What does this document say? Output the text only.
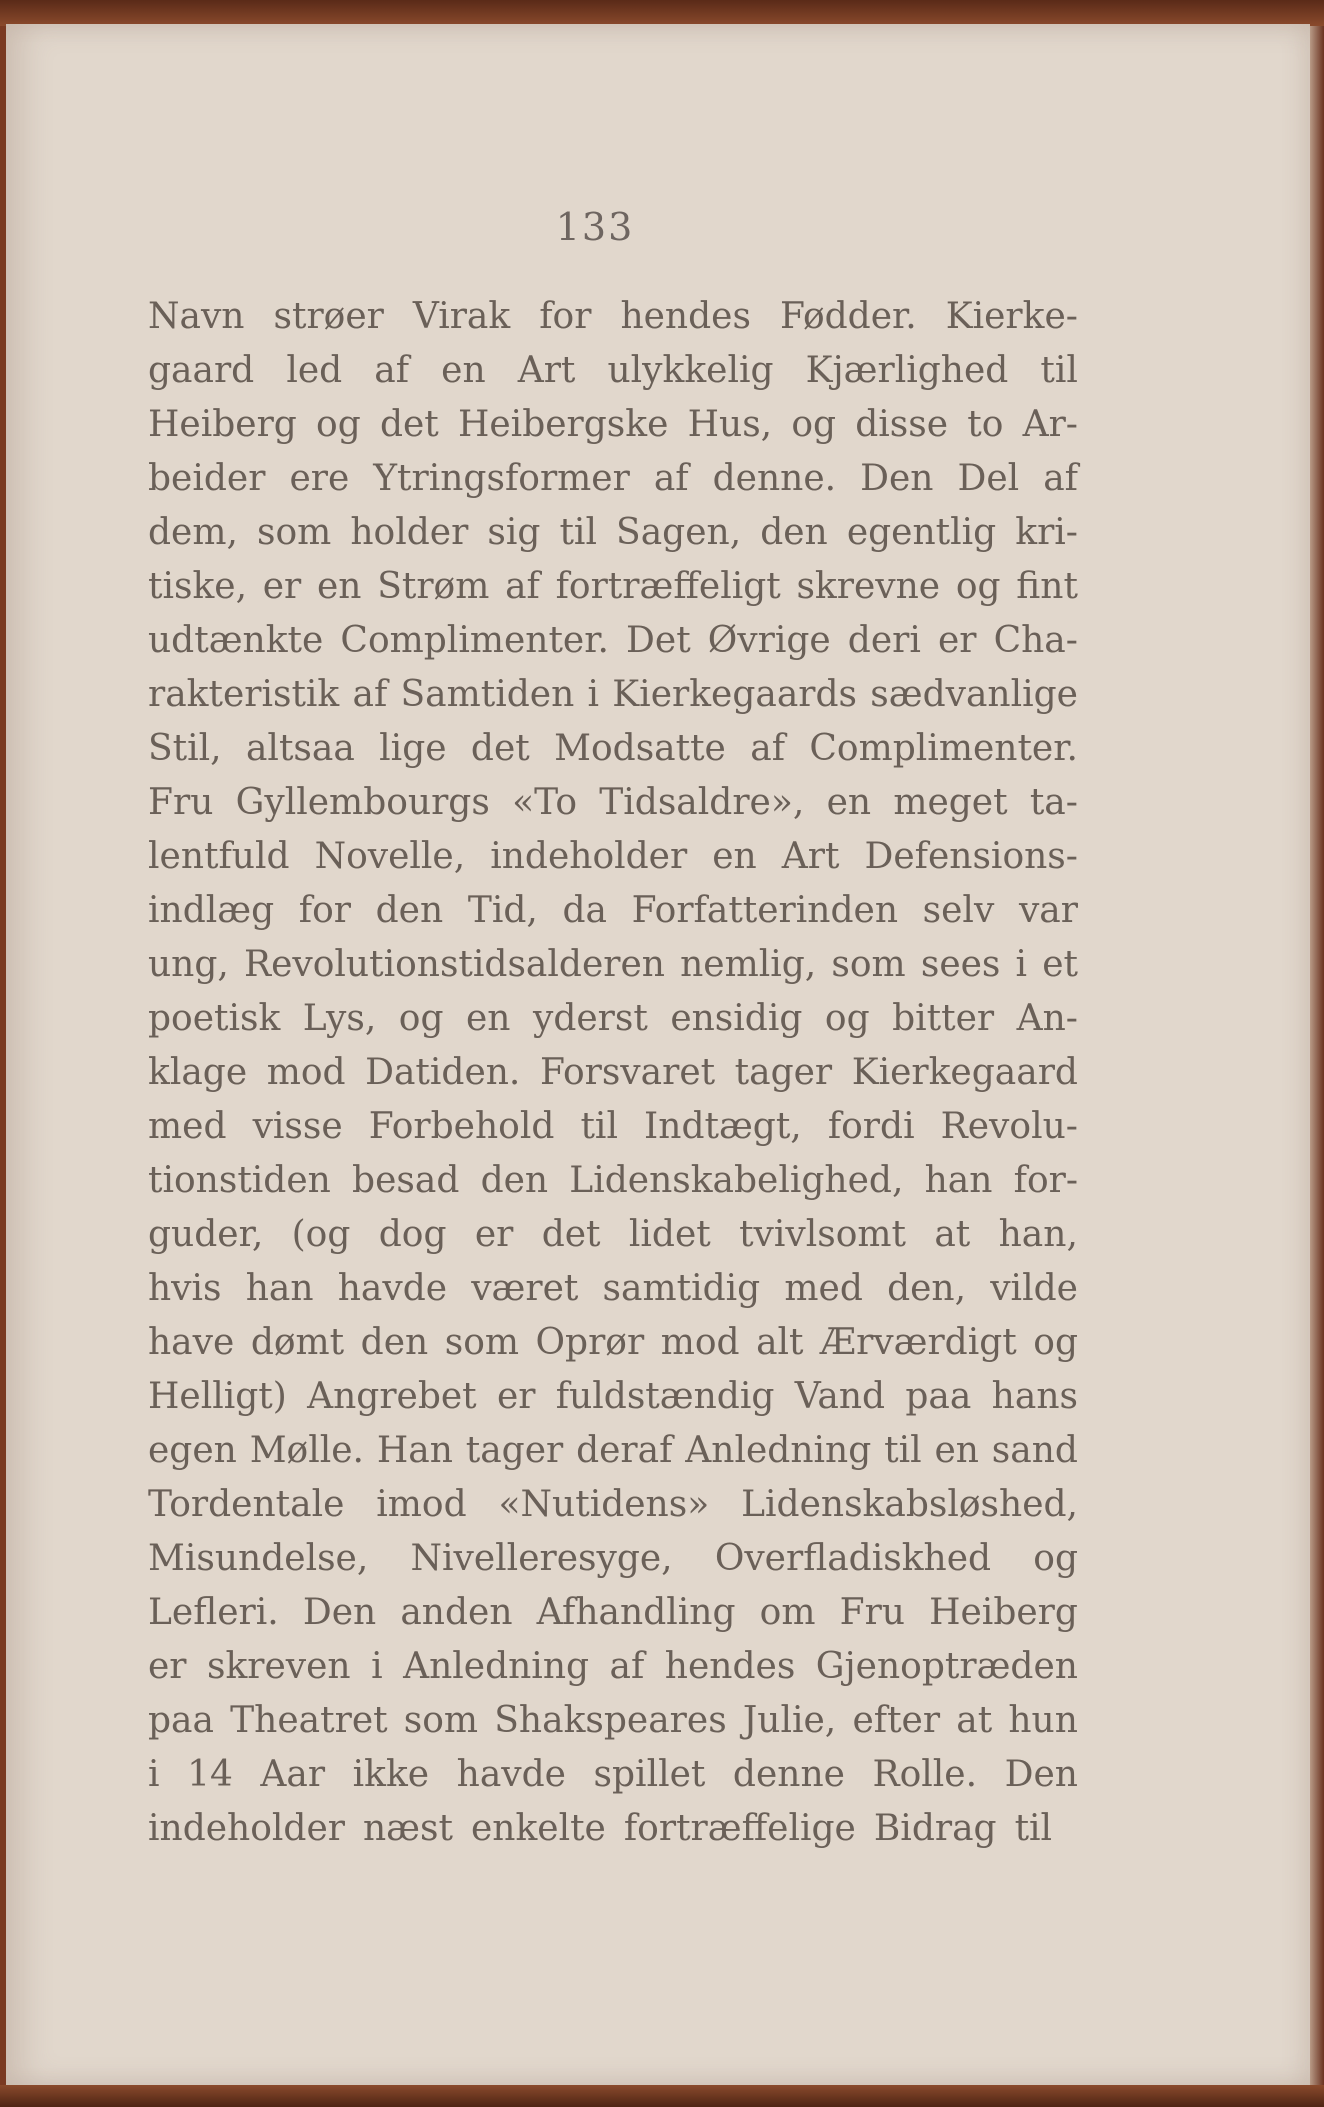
133
Navn strøer Virak for hendes Fødder. Kierke-
gaard led af en Art ulykkelig Kjærlighed til
Heiberg og det Heibergske Hus, og disse to Ar-
beider ere Ytringsformer af denne. Den Del af
dem, som holder sig til Sagen, den egentlig kri-
tiske, er en Strøm af fortræffeligt skrevne og fint
udtænkte Complimenter. Det Øvrige deri er Cha-
rakteristik af Samtiden i Kierkegaards sædvanlige
Stil, altsaa lige det Modsatte af Complimenter.
Fru Gyllembourgs «To Tidsaldre», en meget ta-
lentfuld Novelle, indeholder en Art Defensions-
indlæg for den Tid, da Forfatterinden selv var
ung, Revolutionstidsalderen nemlig, som sees i et
poetisk Lys, og en yderst ensidig og bitter An-
klage mod Datiden. Forsvaret tager Kierkegaard
med visse Forbehold til Indtægt, fordi Revolu-
tionstiden besad den Lidenskabelighed, han for-
guder, (og dog er det lidet tvivlsomt at han,
hvis han havde været samtidig med den, vilde
have dømt den som Oprør mod alt Ærværdigt og
Helligt) Angrebet er fuldstændig Vand paa hans
egen Mølle. Han tager deraf Anledning til en sand
Tordentale imod «Nutidens» Lidenskabsløshed,
Misundelse, Nivelleresyge, Overfladiskhed og
Lefleri. Den anden Afhandling om Fru Heiberg
er skreven i Anledning af hendes Gjenoptræden
paa Theatret som Shakspeares Julie, efter at hun
i 14 Aar ikke havde spillet denne Rolle. Den
indeholder næst enkelte fortræffelige Bidrag til
